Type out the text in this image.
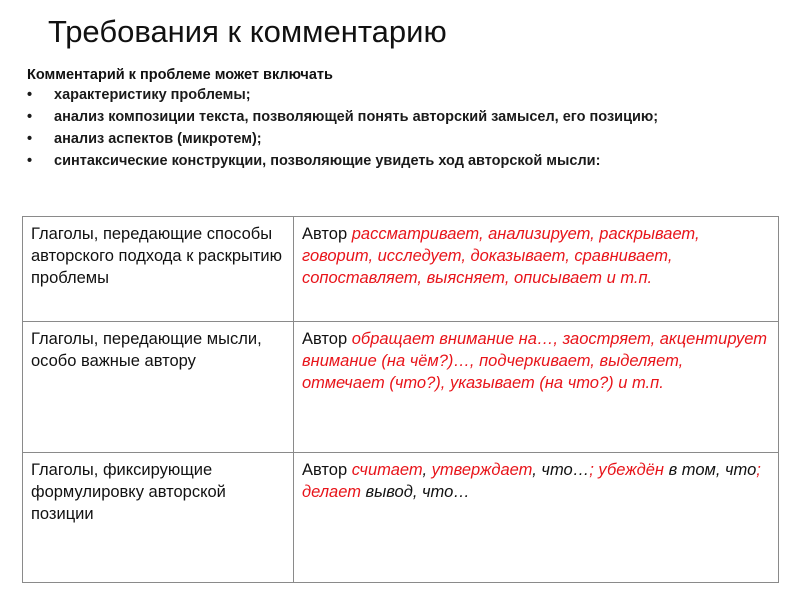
Требования к комментарию
Комментарий к проблеме может включать
• характеристику проблемы;
• анализ композиции текста, позволяющей понять авторский замысел, его позицию;
• анализ аспектов (микротем);
• синтаксические конструкции, позволяющие увидеть ход авторской мысли:
Глаголы, передающие способы авторского подхода к раскрытию проблемы	Автор рассматривает, анализирует, раскрывает, говорит, исследует, доказывает, сравнивает, сопоставляет, выясняет, описывает и т.п.
Глаголы, передающие мысли, особо важные автору	Автор обращает внимание на…, заостряет, акцентирует внимание (на чём?)…, подчеркивает, выделяет, отмечает (что?), указывает (на что?) и т.п.
Глаголы, фиксирующие формулировку авторской позиции	Автор считает, утверждает, что…; убеждён в том, что; делает вывод, что…
